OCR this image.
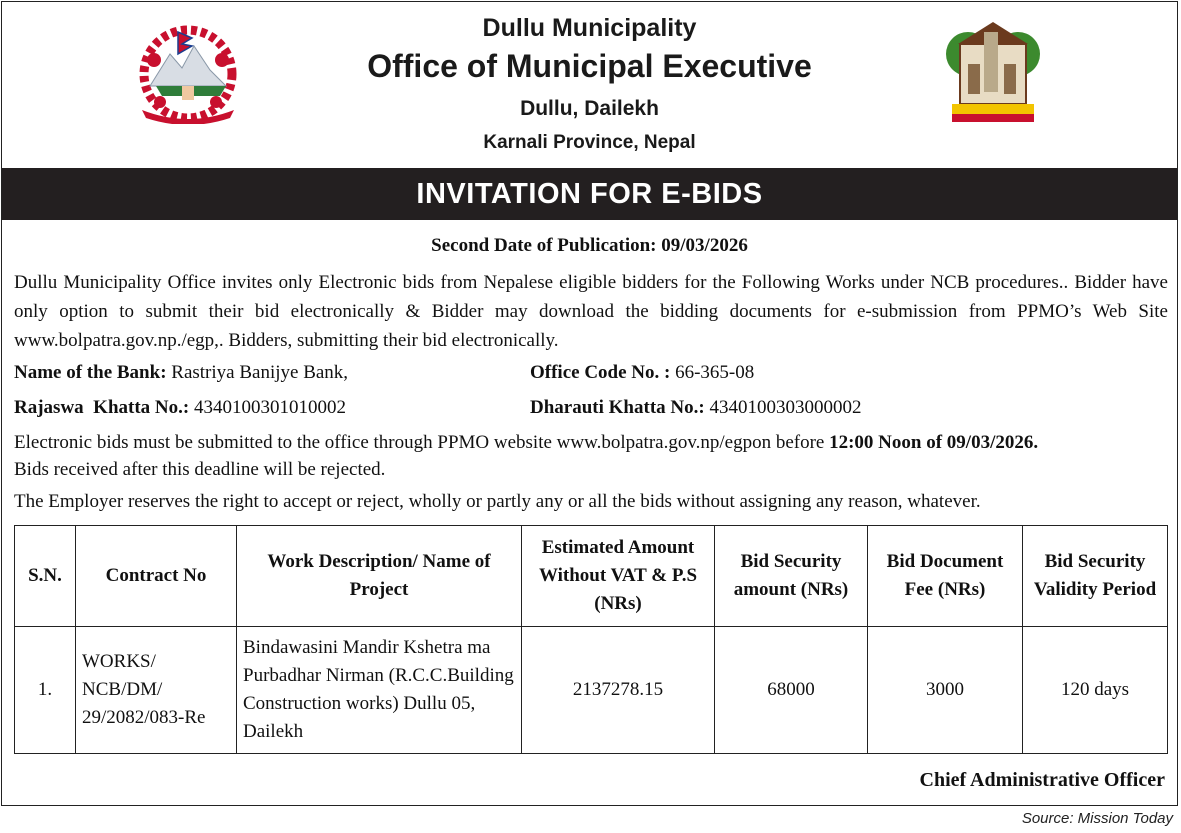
Dullu Municipality
Office of Municipal Executive
Dullu, Dailekh
Karnali Province, Nepal
INVITATION FOR E-BIDS
Second Date of Publication: 09/03/2026
Dullu Municipality Office invites only Electronic bids from Nepalese eligible bidders for the Following Works under NCB procedures.. Bidder have only option to submit their bid electronically & Bidder may download the bidding documents for e-submission from PPMO’s Web Site www.bolpatra.gov.np./egp,. Bidders, submitting their bid electronically.
Name of the Bank: Rastriya Banijye Bank,	Office Code No. : 66-365-08
Rajaswa  Khatta No.: 4340100301010002	Dharauti Khatta No.: 4340100303000002
Electronic bids must be submitted to the office through PPMO website www.bolpatra.gov.np/egpon before 12:00 Noon of 09/03/2026.
Bids received after this deadline will be rejected.
The Employer reserves the right to accept or reject, wholly or partly any or all the bids without assigning any reason, whatever.
S.N.	Contract No	Work Description/ Name of Project	Estimated Amount Without VAT & P.S (NRs)	Bid Security amount (NRs)	Bid Document Fee (NRs)	Bid Security Validity Period
1.	WORKS/ NCB/DM/ 29/2082/083-Re	Bindawasini Mandir Kshetra ma Purbadhar Nirman (R.C.C.Building Construction works) Dullu 05, Dailekh	2137278.15	68000	3000	120 days
Chief Administrative Officer
Source: Mission Today
